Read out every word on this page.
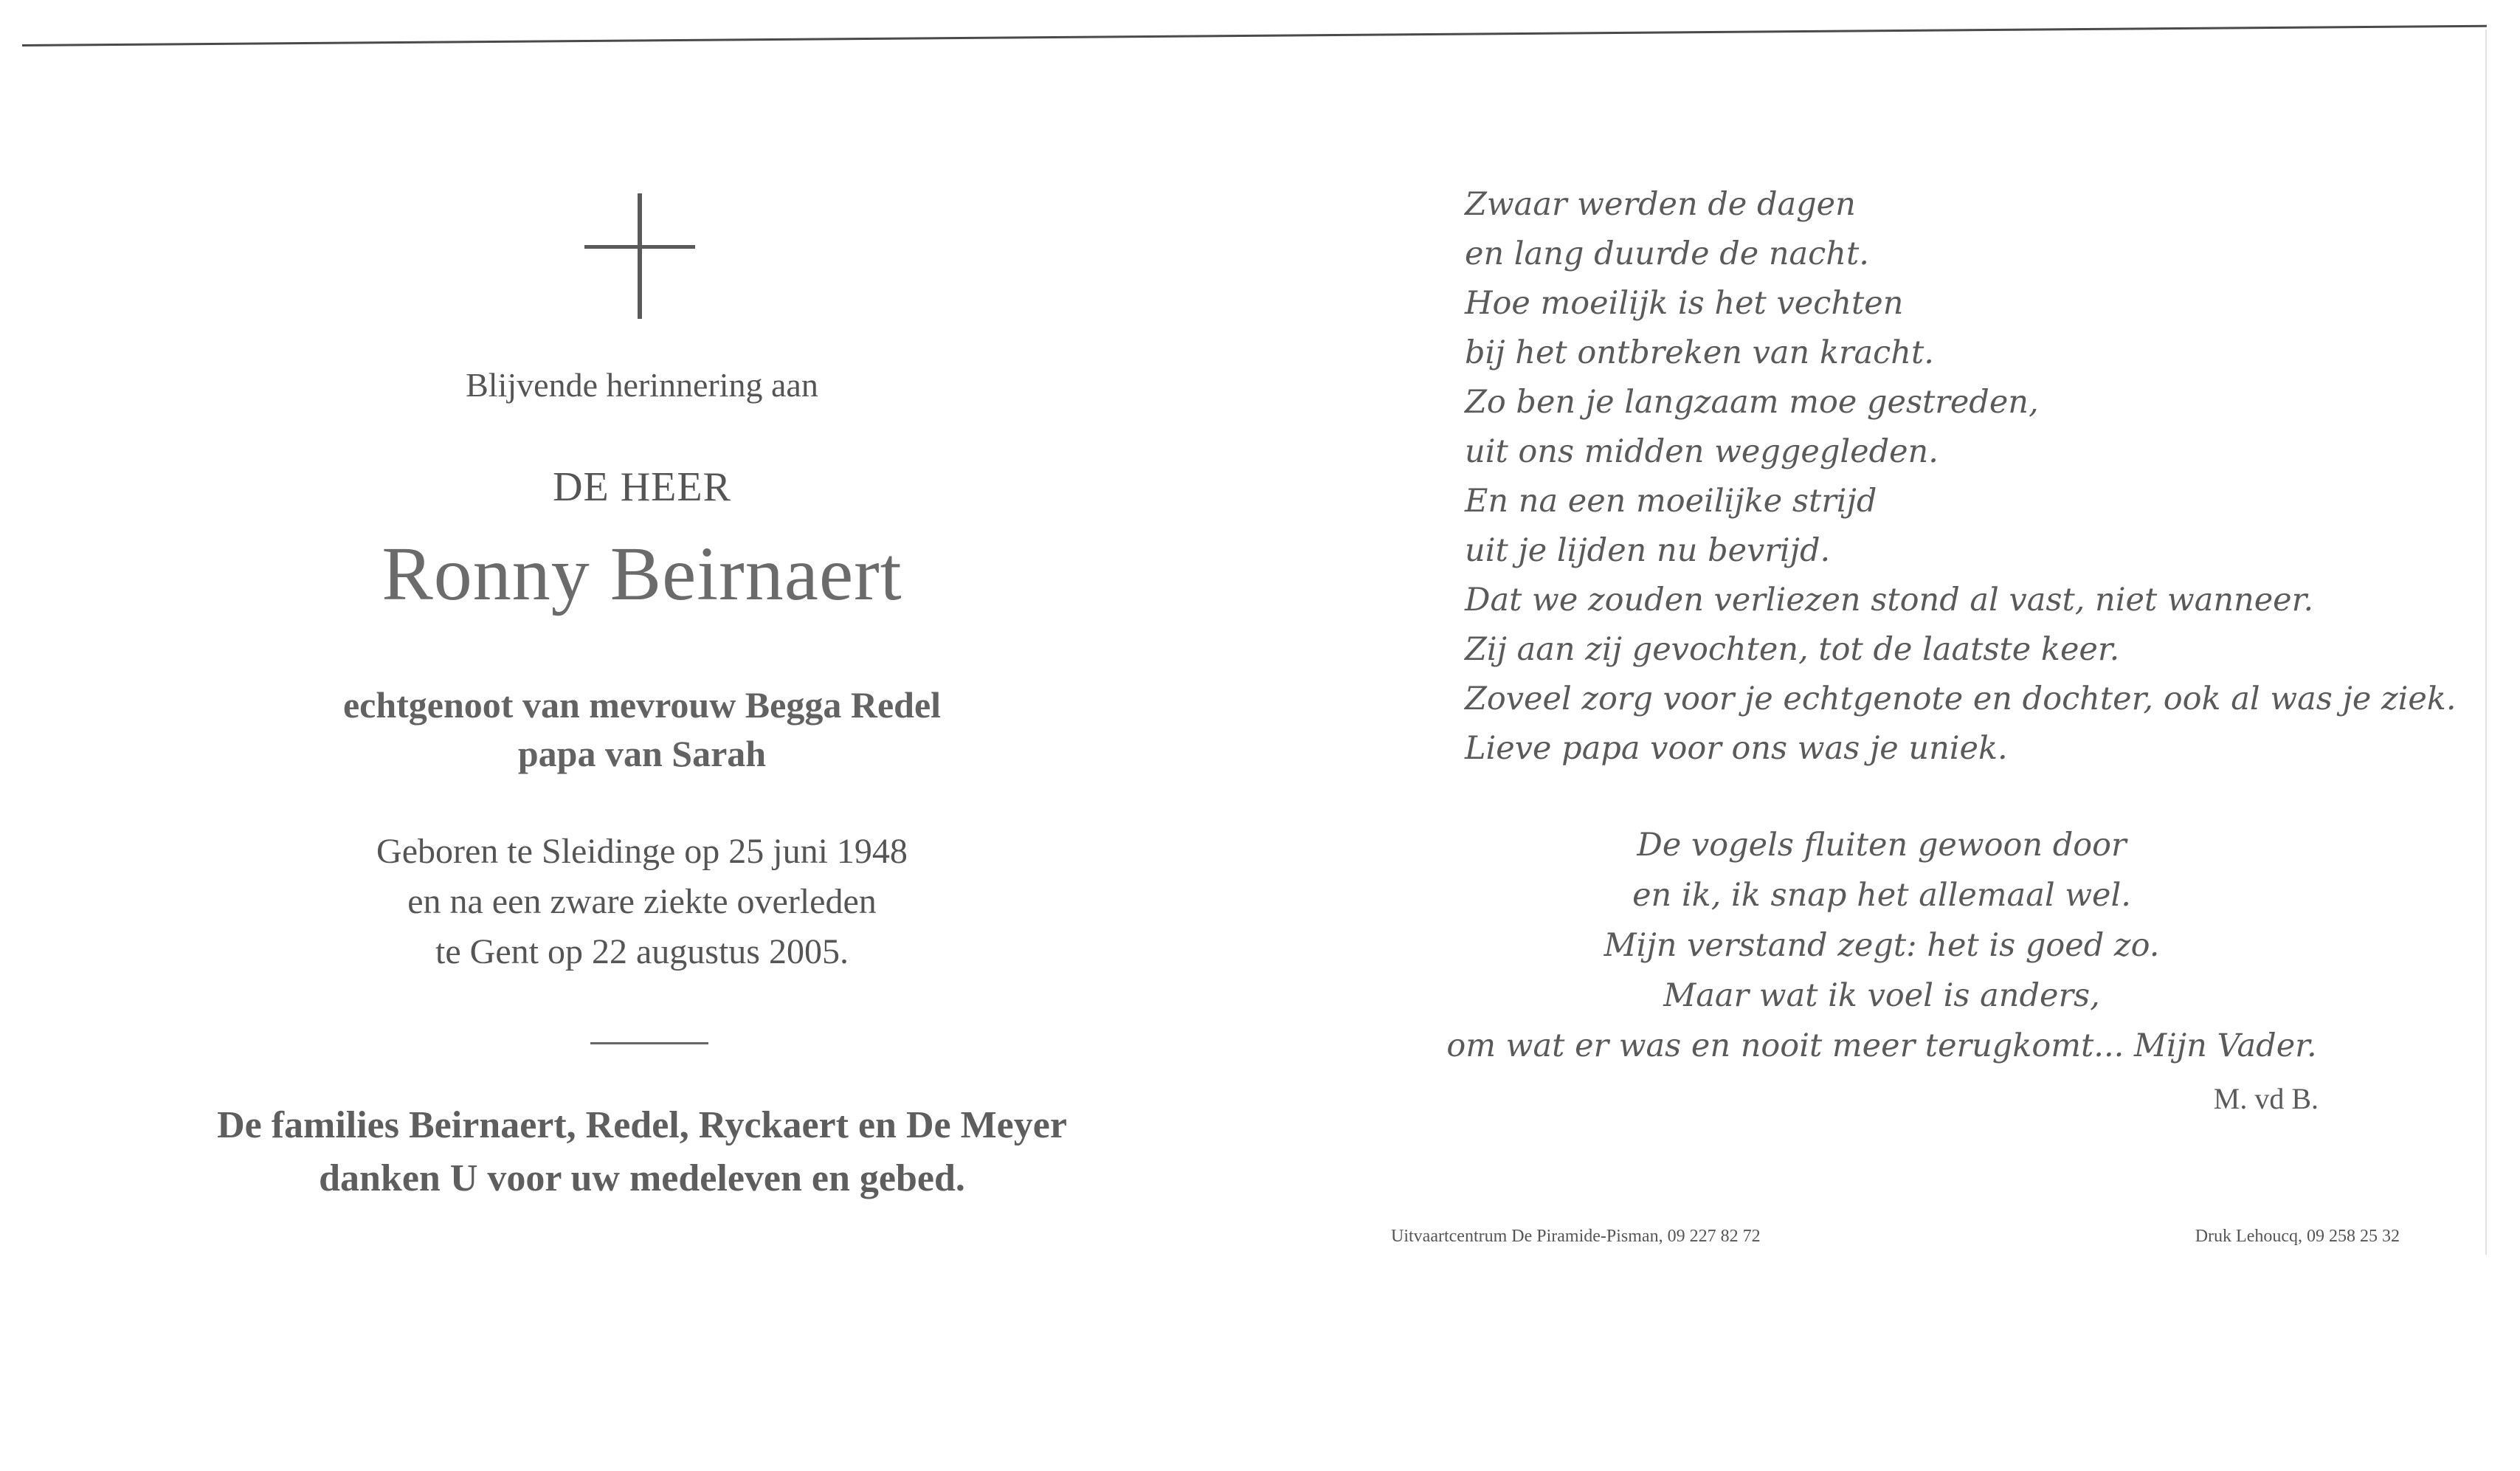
Blijvende herinnering aan
DE HEER
Ronny Beirnaert
echtgenoot van mevrouw Begga Redel
papa van Sarah
Geboren te Sleidinge op 25 juni 1948
en na een zware ziekte overleden
te Gent op 22 augustus 2005.
De families Beirnaert, Redel, Ryckaert en De Meyer
danken U voor uw medeleven en gebed.
Zwaar werden de dagen
en lang duurde de nacht.
Hoe moeilijk is het vechten
bij het ontbreken van kracht.
Zo ben je langzaam moe gestreden,
uit ons midden weggegleden.
En na een moeilijke strijd
uit je lijden nu bevrijd.
Dat we zouden verliezen stond al vast, niet wanneer.
Zij aan zij gevochten, tot de laatste keer.
Zoveel zorg voor je echtgenote en dochter, ook al was je ziek.
Lieve papa voor ons was je uniek.
De vogels fluiten gewoon door
en ik, ik snap het allemaal wel.
Mijn verstand zegt: het is goed zo.
Maar wat ik voel is anders,
om wat er was en nooit meer terugkomt... Mijn Vader.
M. vd B.
Uitvaartcentrum De Piramide-Pisman, 09 227 82 72	Druk Lehoucq, 09 258 25 32
